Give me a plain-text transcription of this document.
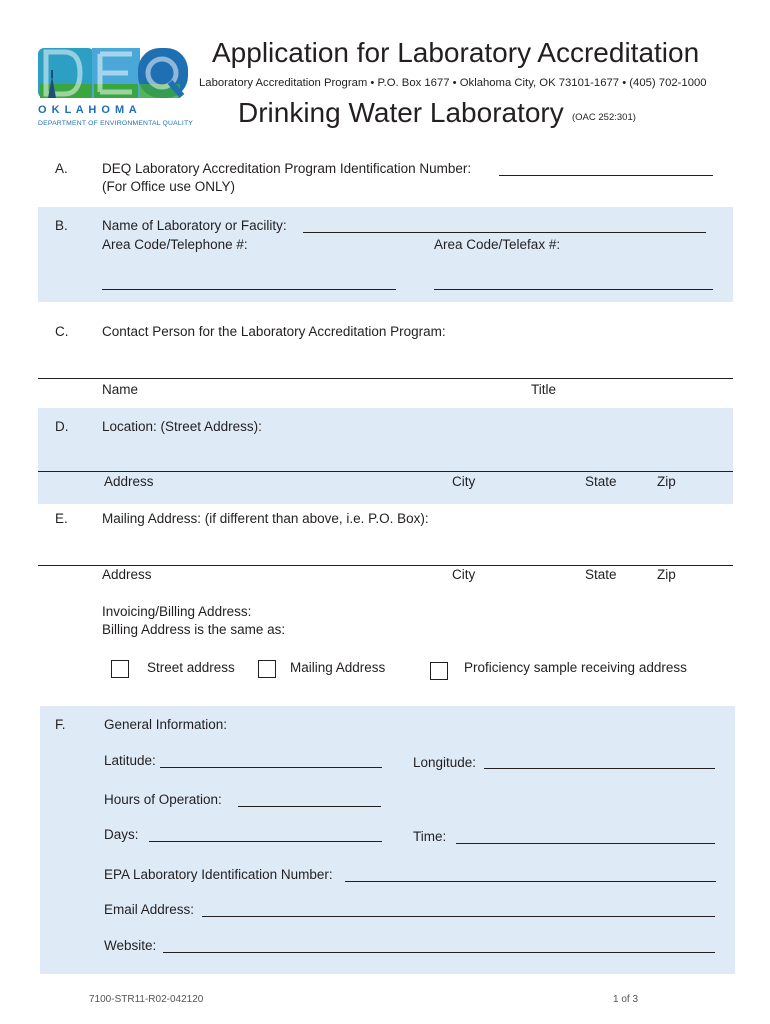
O K L A H O M A
DEPARTMENT OF ENVIRONMENTAL QUALITY
Application for Laboratory Accreditation
Laboratory Accreditation Program • P.O. Box 1677 • Oklahoma City, OK 73101-1677 • (405) 702-1000
Drinking Water Laboratory (OAC 252:301)
A.	DEQ Laboratory Accreditation Program Identification Number:
(For Office use ONLY)
B.	Name of Laboratory or Facility:
Area Code/Telephone #:	Area Code/Telefax #:
C. Contact Person for the Laboratory Accreditation Program:
Name	Title
D. Location: (Street Address):
Address	City	State	Zip
E.	Mailing Address: (if different than above, i.e. P.O. Box):
Address	City	State	Zip
Invoicing/Billing Address:
Billing Address is the same as:
Street address	Mailing Address	Proficiency sample receiving address
F.	General Information:
Latitude:	Longitude:
Hours of Operation:
Days:	Time:
EPA Laboratory Identification Number:
Email Address:
Website:
7100-STR11-R02-042120	1 of 3
